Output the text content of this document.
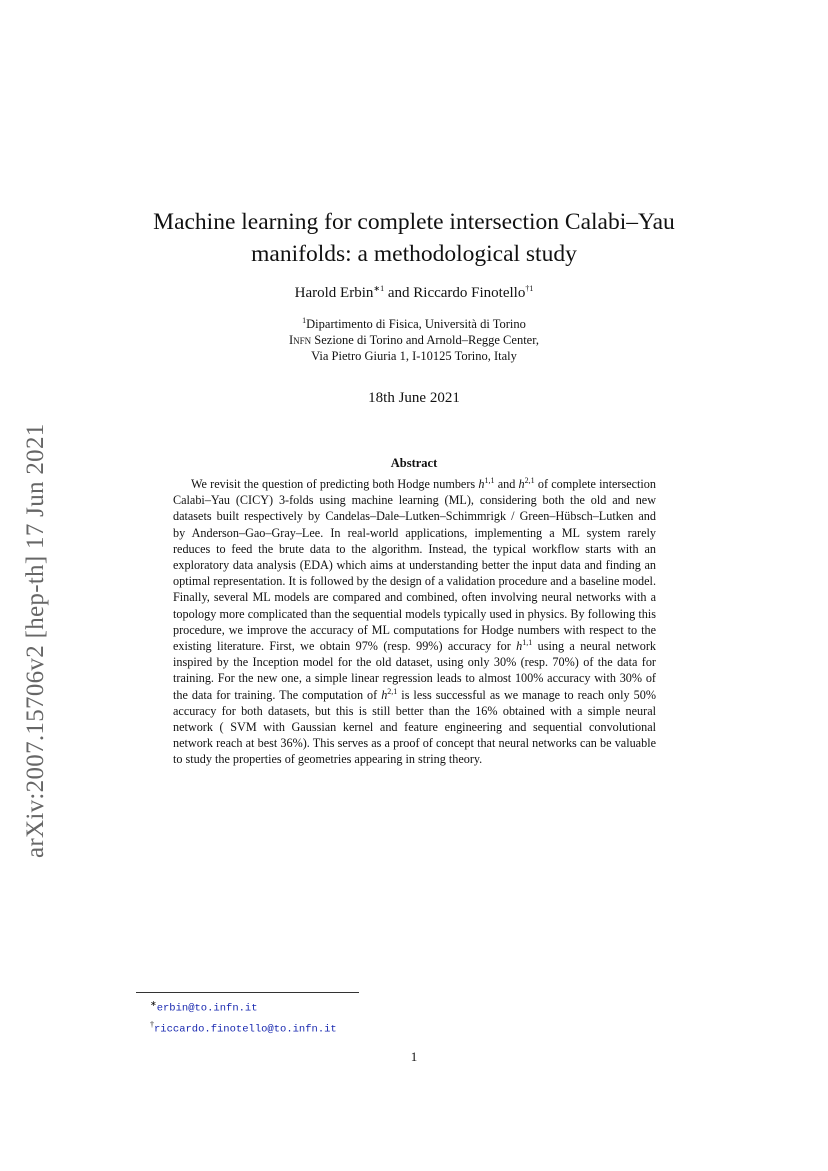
arXiv:2007.15706v2 [hep-th] 17 Jun 2021
Machine learning for complete intersection Calabi–Yau
manifolds: a methodological study
Harold Erbin$^{∗1}$ and Riccardo Finotello$^{\dagger 1}$
$^1$Dipartimento di Fisica, Università di Torino
Infn Sezione di Torino and Arnold–Regge Center,
Via Pietro Giuria 1, I-10125 Torino, Italy
18th June 2021
Abstract
We revisit the question of predicting both Hodge numbers $h^{1,1}$ and $h^{2,1}$ of complete intersection Calabi–Yau (CICY) 3-folds using machine learning (ML), considering both the old and new datasets built respectively by Candelas–Dale–Lutken–Schimmrigk / Green–Hübsch–Lutken and by Anderson–Gao–Gray–Lee. In real-world applications, implementing a ML system rarely reduces to feed the brute data to the algorithm. Instead, the typical workflow starts with an exploratory data analysis (EDA) which aims at understanding better the input data and finding an optimal representation. It is followed by the design of a validation procedure and a baseline model. Finally, several ML models are compared and combined, often involving neural networks with a topology more complicated than the sequential models typically used in physics. By following this procedure, we improve the accuracy of ML computations for Hodge numbers with respect to the existing literature. First, we obtain 97% (resp. 99%) accuracy for $h^{1,1}$ using a neural network inspired by the Inception model for the old dataset, using only 30% (resp. 70%) of the data for training. For the new one, a simple linear regression leads to almost 100% accuracy with 30% of the data for training. The computation of $h^{2,1}$ is less successful as we manage to reach only 50% accuracy for both datasets, but this is still better than the 16% obtained with a simple neural network ( SVM with Gaussian kernel and feature engineering and sequential convolutional network reach at best 36%). This serves as a proof of concept that neural networks can be valuable to study the properties of geometries appearing in string theory.
∗erbin@to.infn.it
†riccardo.finotello@to.infn.it
1
